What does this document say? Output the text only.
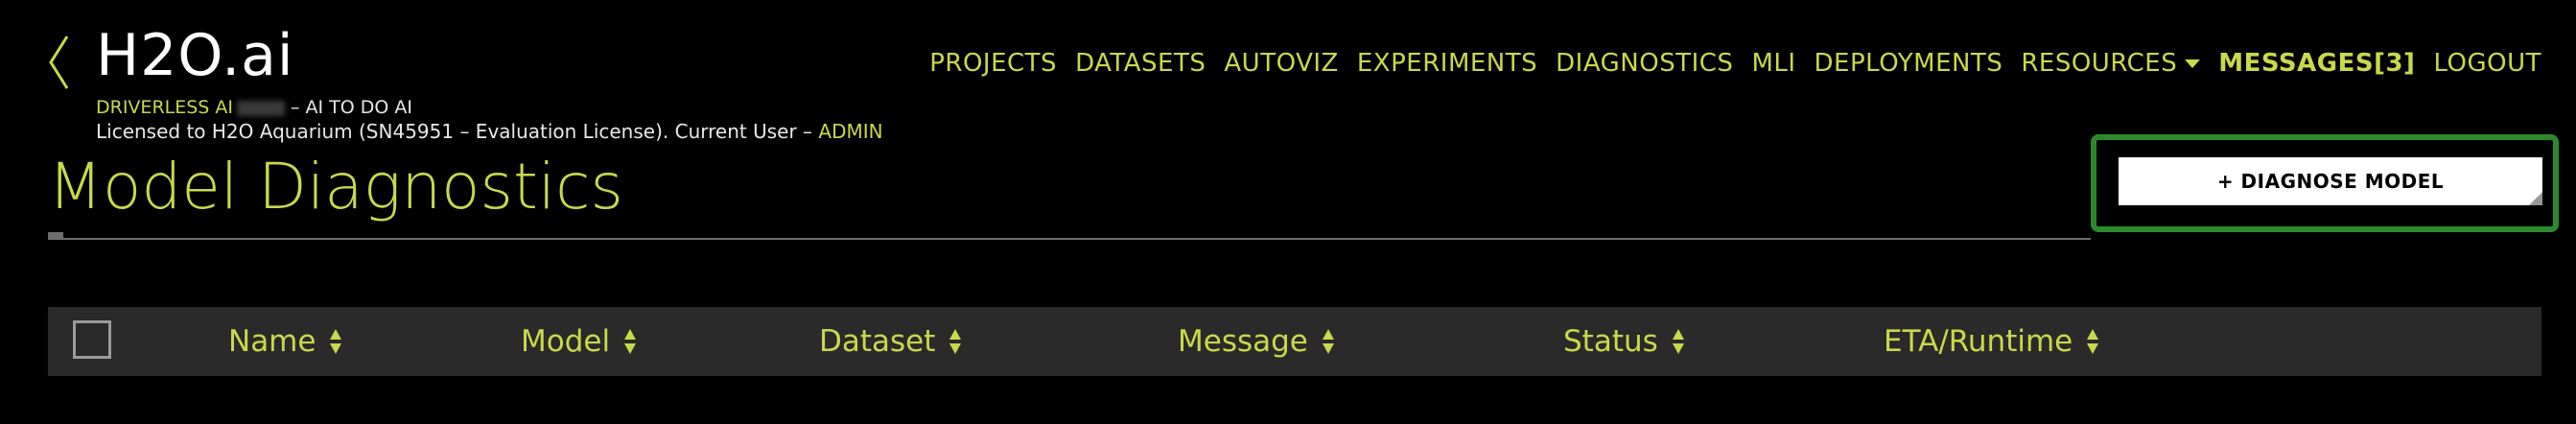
H2O.ai
DRIVERLESS AI	– AI TO DO AI
Licensed to H2O Aquarium (SN45951 – Evaluation License). Current User – ADMIN
PROJECTS DATASETS AUTOVIZ EXPERIMENTS DIAGNOSTICS MLI DEPLOYMENTS RESOURCES	MESSAGES[3] LOGOUT
Model Diagnostics	+ DIAGNOSE MODEL
Name	Model	Dataset	Message	Status	ETA/Runtime
